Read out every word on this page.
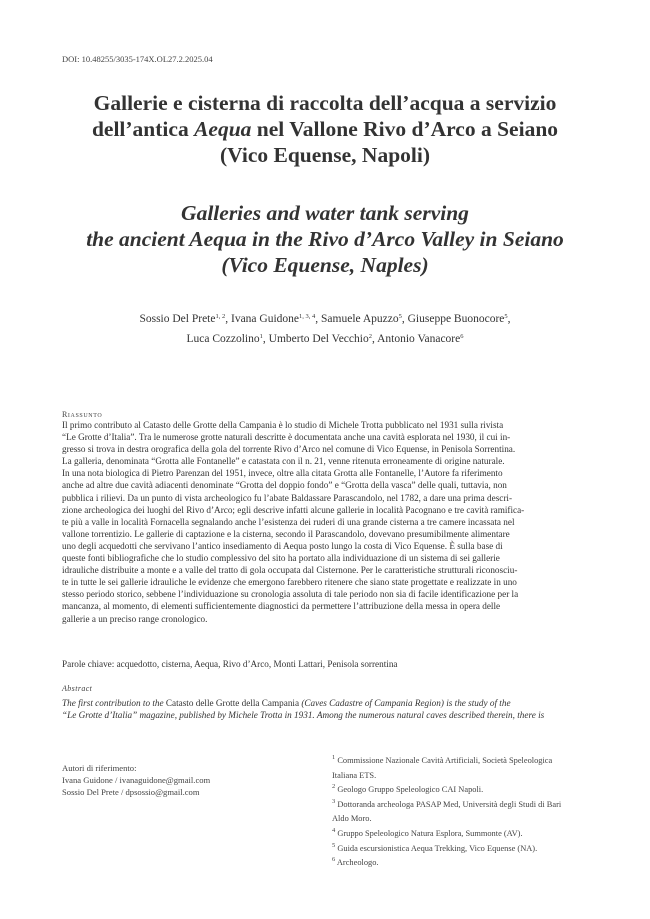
DOI: 10.48255/3035-174X.OL27.2.2025.04
Gallerie e cisterna di raccolta dell’acqua a servizio
dell’antica Aequa nel Vallone Rivo d’Arco a Seiano
(Vico Equense, Napoli)
Galleries and water tank serving
the ancient Aequa in the Rivo d’Arco Valley in Seiano
(Vico Equense, Naples)
Sossio Del Prete$^{1, 2}$, Ivana Guidone$^{1, 3, 4}$, Samuele Apuzzo$^5$, Giuseppe Buonocore$^5$,
Luca Cozzolino$^1$, Umberto Del Vecchio$^2$, Antonio Vanacore$^6$
Riassunto
Il primo contributo al Catasto delle Grotte della Campania è lo studio di Michele Trotta pubblicato nel 1931 sulla rivista
“Le Grotte d’Italia”. Tra le numerose grotte naturali descritte è documentata anche una cavità esplorata nel 1930, il cui in-
gresso si trova in destra orografica della gola del torrente Rivo d’Arco nel comune di Vico Equense, in Penisola Sorrentina.
La galleria, denominata “Grotta alle Fontanelle” e catastata con il n. 21, venne ritenuta erroneamente di origine naturale.
In una nota biologica di Pietro Parenzan del 1951, invece, oltre alla citata Grotta alle Fontanelle, l’Autore fa riferimento
anche ad altre due cavità adiacenti denominate “Grotta del doppio fondo” e “Grotta della vasca” delle quali, tuttavia, non
pubblica i rilievi. Da un punto di vista archeologico fu l’abate Baldassare Parascandolo, nel 1782, a dare una prima descri-
zione archeologica dei luoghi del Rivo d’Arco; egli descrive infatti alcune gallerie in località Pacognano e tre cavità ramifica-
te più a valle in località Fornacella segnalando anche l’esistenza dei ruderi di una grande cisterna a tre camere incassata nel
vallone torrentizio. Le gallerie di captazione e la cisterna, secondo il Parascandolo, dovevano presumibilmente alimentare
uno degli acquedotti che servivano l’antico insediamento di Aequa posto lungo la costa di Vico Equense. È sulla base di
queste fonti bibliografiche che lo studio complessivo del sito ha portato alla individuazione di un sistema di sei gallerie
idrauliche distribuite a monte e a valle del tratto di gola occupata dal Cisternone. Per le caratteristiche strutturali riconosciu-
te in tutte le sei gallerie idrauliche le evidenze che emergono farebbero ritenere che siano state progettate e realizzate in uno
stesso periodo storico, sebbene l’individuazione su cronologia assoluta di tale periodo non sia di facile identificazione per la
mancanza, al momento, di elementi sufficientemente diagnostici da permettere l’attribuzione della messa in opera delle
gallerie a un preciso range cronologico.
Parole chiave: acquedotto, cisterna, Aequa, Rivo d’Arco, Monti Lattari, Penisola sorrentina
Abstract
The first contribution to the Catasto delle Grotte della Campania (Caves Cadastre of Campania Region) is the study of the
“Le Grotte d’Italia” magazine, published by Michele Trotta in 1931. Among the numerous natural caves described therein, there is
Autori di riferimento:
Ivana Guidone / ivanaguidone@gmail.com
Sossio Del Prete / dpsossio@gmail.com
$^1$ Commissione Nazionale Cavità Artificiali, Società Speleologica
Italiana ETS.
$^2$ Geologo Gruppo Speleologico CAI Napoli.
$^3$ Dottoranda archeologa PASAP Med, Università degli Studi di Bari
Aldo Moro.
$^4$ Gruppo Speleologico Natura Esplora, Summonte (AV).
$^5$ Guida escursionistica Aequa Trekking, Vico Equense (NA).
$^6$ Archeologo.
